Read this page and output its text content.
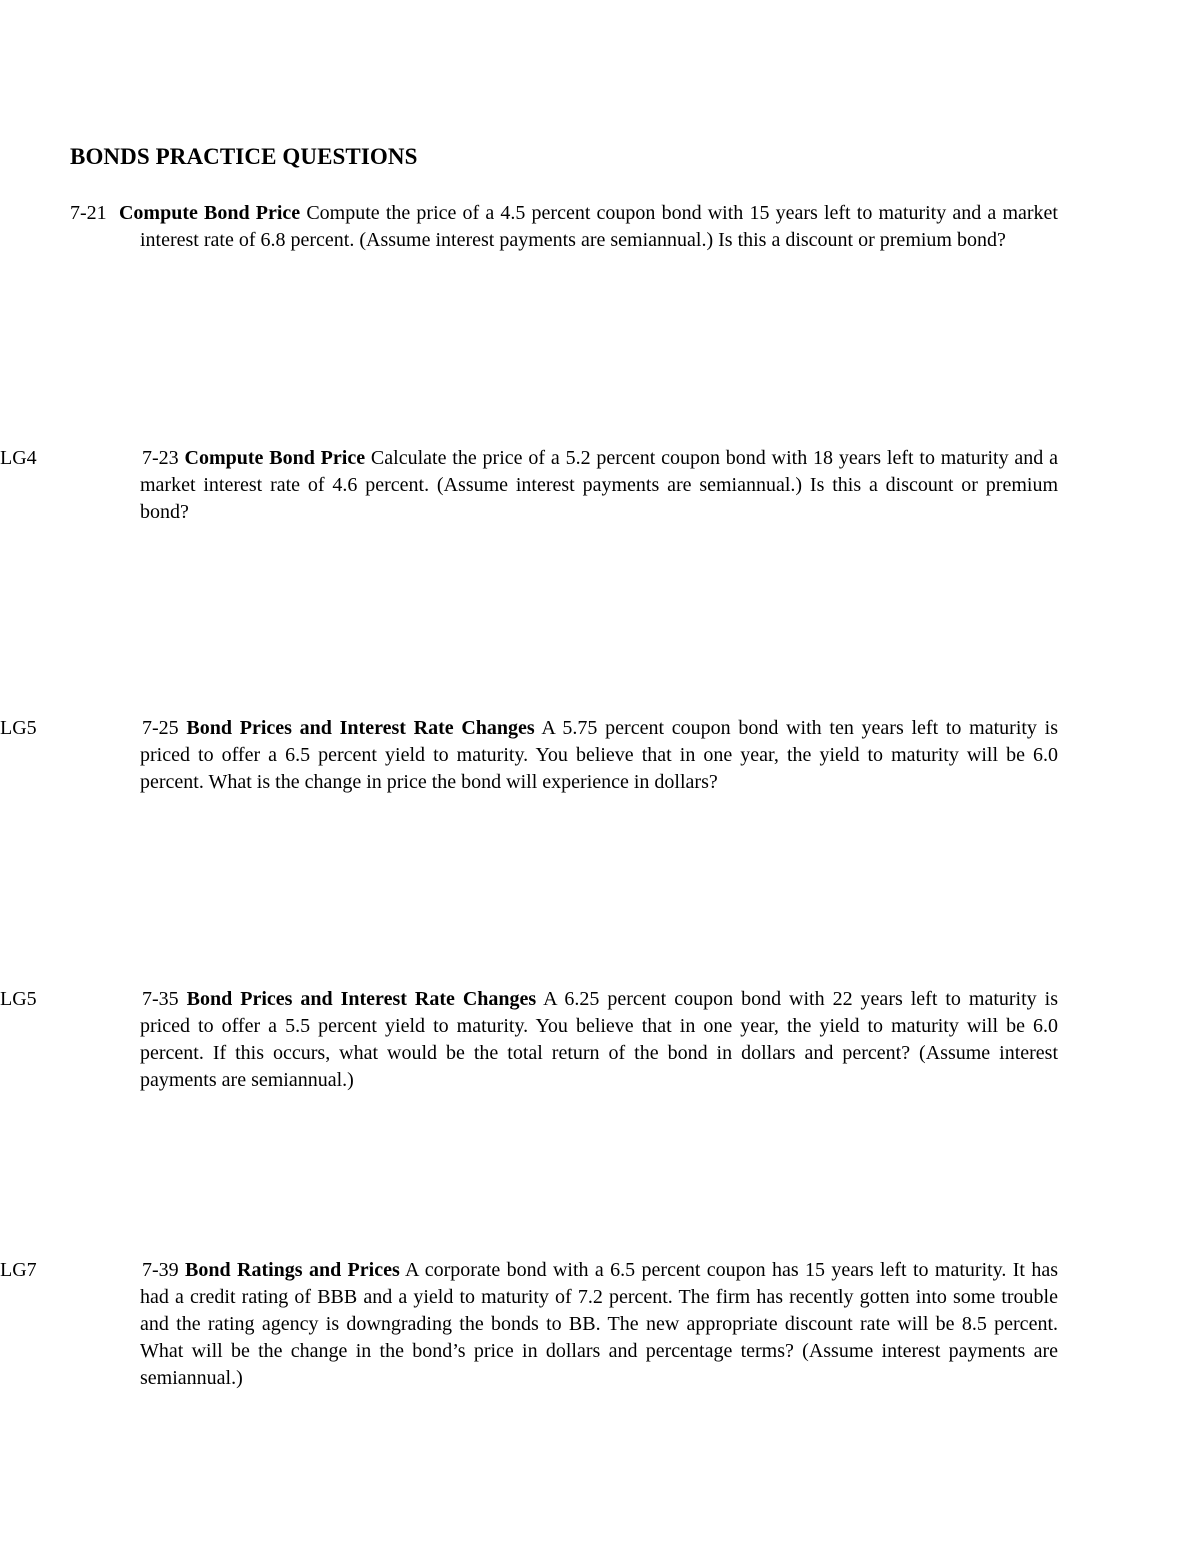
BONDS PRACTICE QUESTIONS
7-21 Compute Bond Price Compute the price of a 4.5 percent coupon bond with 15 years left to maturity and a market interest rate of 6.8 percent. (Assume interest payments are semiannual.) Is this a discount or premium bond?
LG4	7-23 Compute Bond Price Calculate the price of a 5.2 percent coupon bond with 18 years left to maturity and a market interest rate of 4.6 percent. (Assume interest payments are semiannual.) Is this a discount or premium bond?
LG5	7-25 Bond Prices and Interest Rate Changes A 5.75 percent coupon bond with ten years left to maturity is priced to offer a 6.5 percent yield to maturity. You believe that in one year, the yield to maturity will be 6.0 percent. What is the change in price the bond will experience in dollars?
LG5	7-35 Bond Prices and Interest Rate Changes A 6.25 percent coupon bond with 22 years left to maturity is priced to offer a 5.5 percent yield to maturity. You believe that in one year, the yield to maturity will be 6.0 percent. If this occurs, what would be the total return of the bond in dollars and percent? (Assume interest payments are semiannual.)
LG7	7-39 Bond Ratings and Prices A corporate bond with a 6.5 percent coupon has 15 years left to maturity. It has had a credit rating of BBB and a yield to maturity of 7.2 percent. The firm has recently gotten into some trouble and the rating agency is downgrading the bonds to BB. The new appropriate discount rate will be 8.5 percent. What will be the change in the bond’s price in dollars and percentage terms? (Assume interest payments are semiannual.)
